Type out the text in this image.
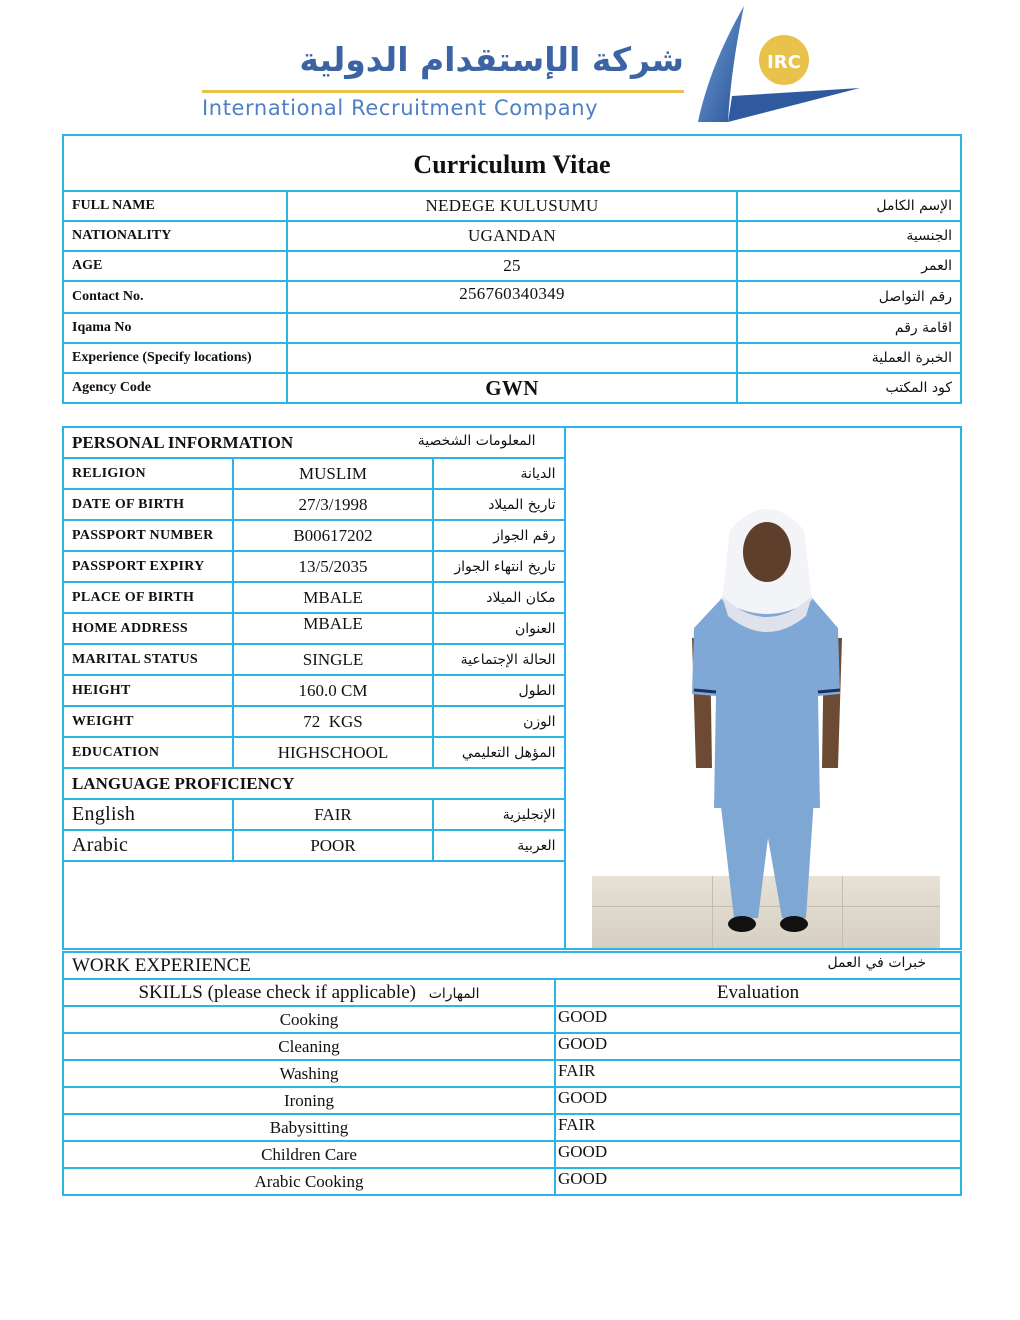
شركة الإستقدام الدولية
International Recruitment Company
IRC
Curriculum Vitae		
FULL NAME	NEDEGE KULUSUMU	الإسم الكامل
NATIONALITY	UGANDAN	الجنسية
AGE	25	العمر
Contact No.	256760340349	رقم التواصل
Iqama No		اقامة رقم
Experience (Specify locations)		الخبرة العملية
Agency Code	GWN	كود المكتب
PERSONAL INFORMATION المعلومات الشخصية

RELIGION	MUSLIM	الديانة	
DATE OF BIRTH	27/3/1998	تاريخ الميلاد	
PASSPORT NUMBER	B00617202	رقم الجواز	
PASSPORT EXPIRY	13/5/2035	تاريخ انتهاء الجواز	
PLACE OF BIRTH	MBALE	مكان الميلاد	
HOME ADDRESS	MBALE	العنوان	
MARITAL STATUS	SINGLE	الحالة الإجتماعية	
HEIGHT	160.0 CM	الطول	
WEIGHT	72  KGS	الوزن	
EDUCATION	HIGHSCHOOL	المؤهل التعليمي	
LANGUAGE PROFICIENCY			
English	FAIR	الإنجليزية	
Arabic	POOR	العربية	

WORK EXPERIENCE خبرات في العمل	

SKILLS (please check if applicable) المهارات	Evaluation
Cooking	GOOD
Cleaning	GOOD
Washing	FAIR
Ironing	GOOD
Babysitting	FAIR
Children Care	GOOD
Arabic Cooking	GOOD
